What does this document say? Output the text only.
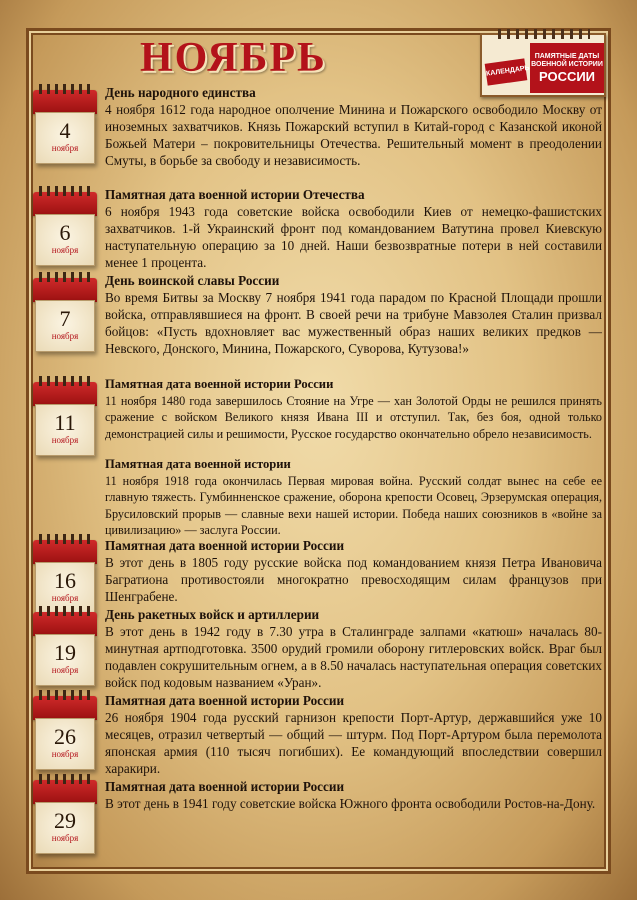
НОЯБРЬ	КАЛЕНДАРЬ
ПАМЯТНЫЕ ДАТЫ
ВОЕННОЙ ИСТОРИИ
РОССИИ
4
ноября
6
ноября
7
ноября
11
ноября
16
ноября
19
ноября
26
ноября
29
ноября
День народного единства

4 ноября 1612 года народное ополчение Минина и Пожарского освободило Москву от иноземных захватчиков. Князь Пожарский вступил в Китай-город с Казанской иконой Божьей Матери – покровительницы Отечества. Решительный момент в преодолении Смуты, в борьбе за свободу и независимость.

Памятная дата военной истории Отечества

6 ноября 1943 года советские войска освободили Киев от немецко-фашистских захватчиков. 1-й Украинский фронт под командованием Ватутина провел Киевскую наступательную операцию за 10 дней. Наши безвозвратные потери в ней составили менее 1 процента.

День воинской славы России

Во время Битвы за Москву 7 ноября 1941 года парадом по Красной Площади прошли войска, отправлявшиеся на фронт. В своей речи на трибуне Мавзолея Сталин призвал бойцов: «Пусть вдохновляет вас мужественный образ наших великих предков — Невского, Донского, Минина, Пожарского, Суворова, Кутузова!»

Памятная дата военной истории России

11 ноября 1480 года завершилось Стояние на Угре — хан Золотой Орды не решился принять сражение с войском Великого князя Ивана III и отступил. Так, без боя, одной только демонстрацией силы и решимости, Русское государство окончательно обрело независимость.

Памятная дата военной истории

11 ноября 1918 года окончилась Первая мировая война. Русский солдат вынес на себе ее главную тяжесть. Гумбинненское сражение, оборона крепости Осовец, Эрзерумская операция, Брусиловский прорыв — славные вехи нашей истории. Победа наших союзников в «войне за цивилизацию» — заслуга России.

Памятная дата военной истории России

В этот день в 1805 году русские войска под командованием князя Петра Ивановича Багратиона противостояли многократно превосходящим силам французов при Шенграбене.

День ракетных войск и артиллерии

В этот день в 1942 году в 7.30 утра в Сталинграде залпами «катюш» началась 80-минутная артподготовка. 3500 орудий громили оборону гитлеровских войск. Враг был подавлен сокрушительным огнем, а в 8.50 началась наступательная операция советских войск под кодовым названием «Уран».

Памятная дата военной истории России

26 ноября 1904 года русский гарнизон крепости Порт-Артур, державшийся уже 10 месяцев, отразил четвертый — общий — штурм. Под Порт-Артуром была перемолота японская армия (110 тысяч погибших). Ее командующий впоследствии совершил харакири.

Памятная дата военной истории России

В этот день в 1941 году советские войска Южного фронта освободили Ростов-на-Дону.
